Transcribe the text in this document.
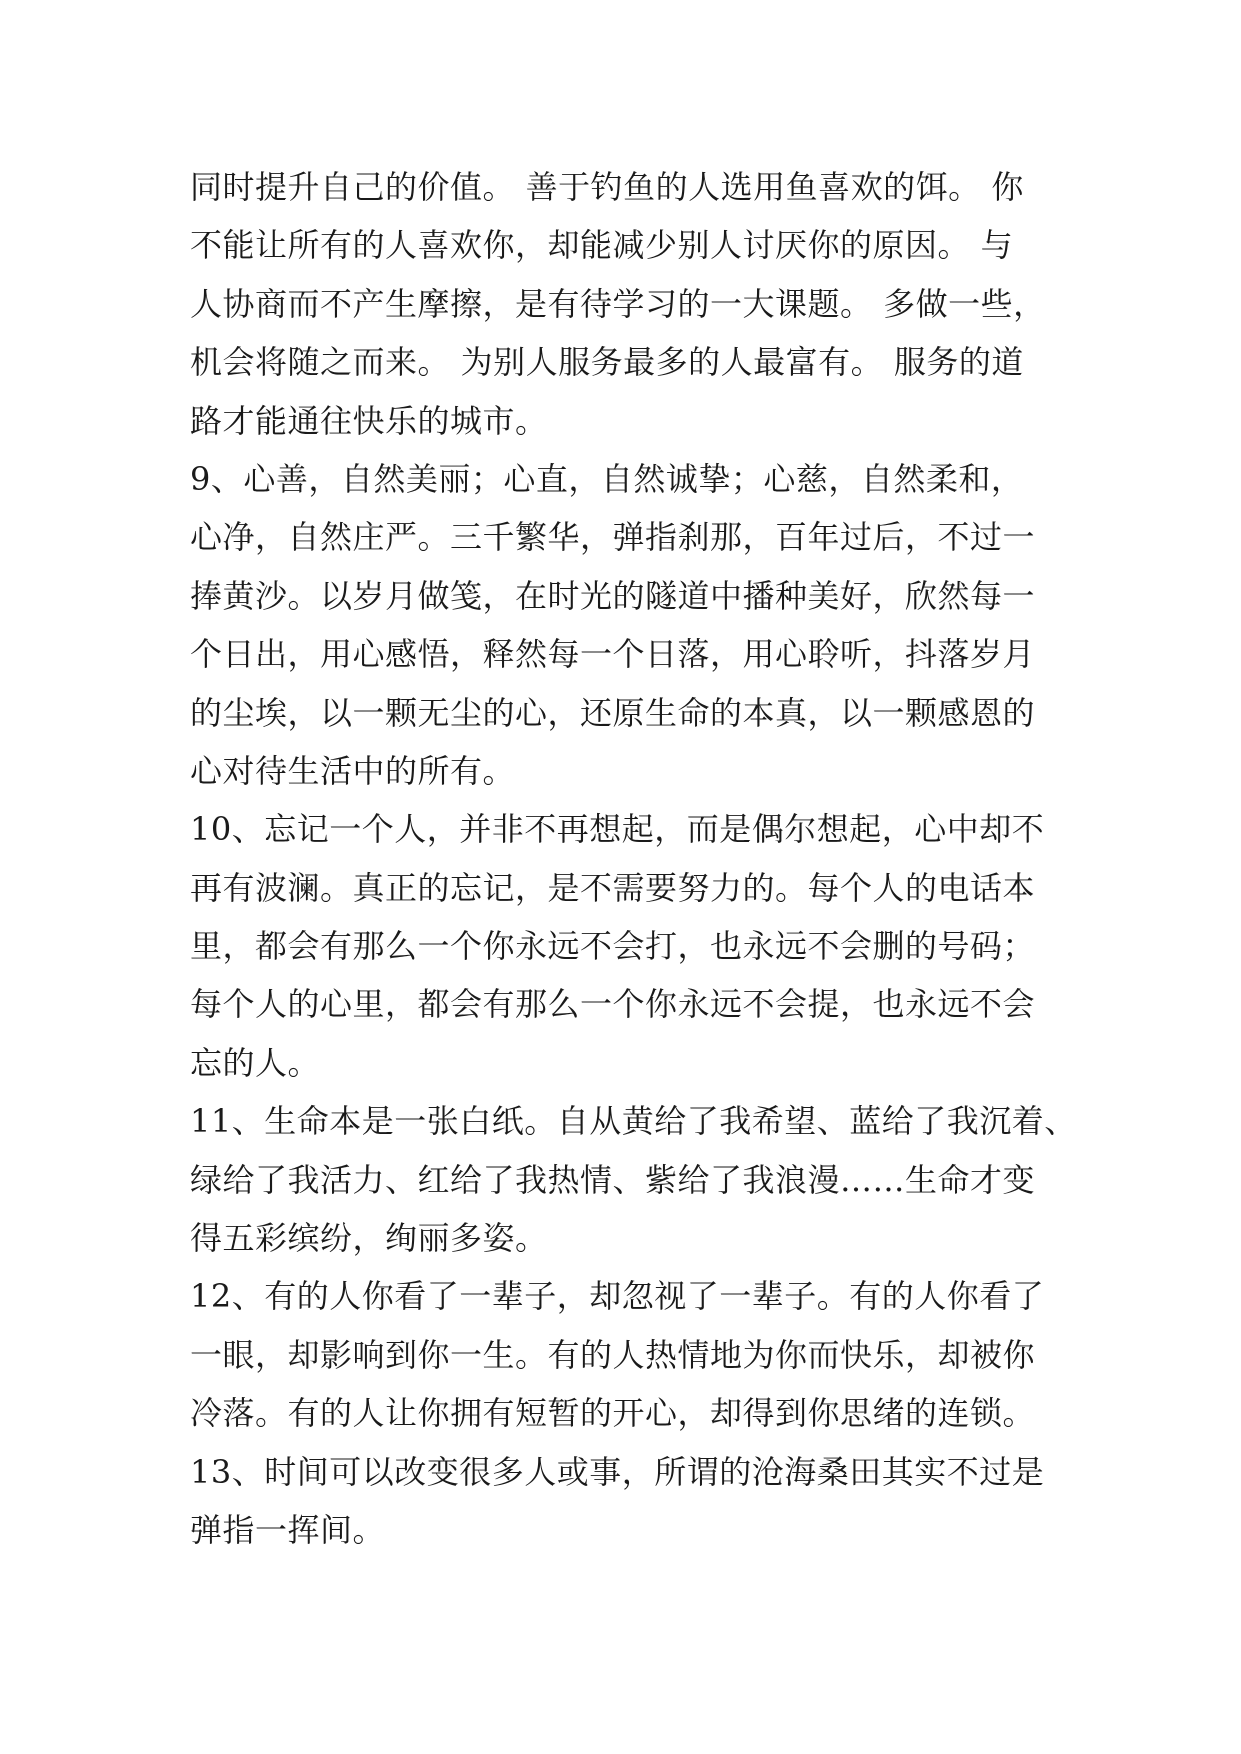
同时提升自己的价值。 善于钓鱼的人选用鱼喜欢的饵。 你
不能让所有的人喜欢你，却能减少别人讨厌你的原因。 与
人协商而不产生摩擦，是有待学习的一大课题。 多做一些，
机会将随之而来。 为别人服务最多的人最富有。 服务的道
路才能通往快乐的城市。
9、心善，自然美丽；心直，自然诚挚；心慈，自然柔和，
心净，自然庄严。三千繁华，弹指刹那，百年过后，不过一
捧黄沙。以岁月做笺，在时光的隧道中播种美好，欣然每一
个日出，用心感悟，释然每一个日落，用心聆听，抖落岁月
的尘埃，以一颗无尘的心，还原生命的本真，以一颗感恩的
心对待生活中的所有。
10、忘记一个人，并非不再想起，而是偶尔想起，心中却不
再有波澜。真正的忘记，是不需要努力的。每个人的电话本
里，都会有那么一个你永远不会打，也永远不会删的号码；
每个人的心里，都会有那么一个你永远不会提，也永远不会
忘的人。
11、生命本是一张白纸。自从黄给了我希望、蓝给了我沉着、
绿给了我活力、红给了我热情、紫给了我浪漫……生命才变
得五彩缤纷，绚丽多姿。
12、有的人你看了一辈子，却忽视了一辈子。有的人你看了
一眼，却影响到你一生。有的人热情地为你而快乐，却被你
冷落。有的人让你拥有短暂的开心，却得到你思绪的连锁。
13、时间可以改变很多人或事，所谓的沧海桑田其实不过是
弹指一挥间。
